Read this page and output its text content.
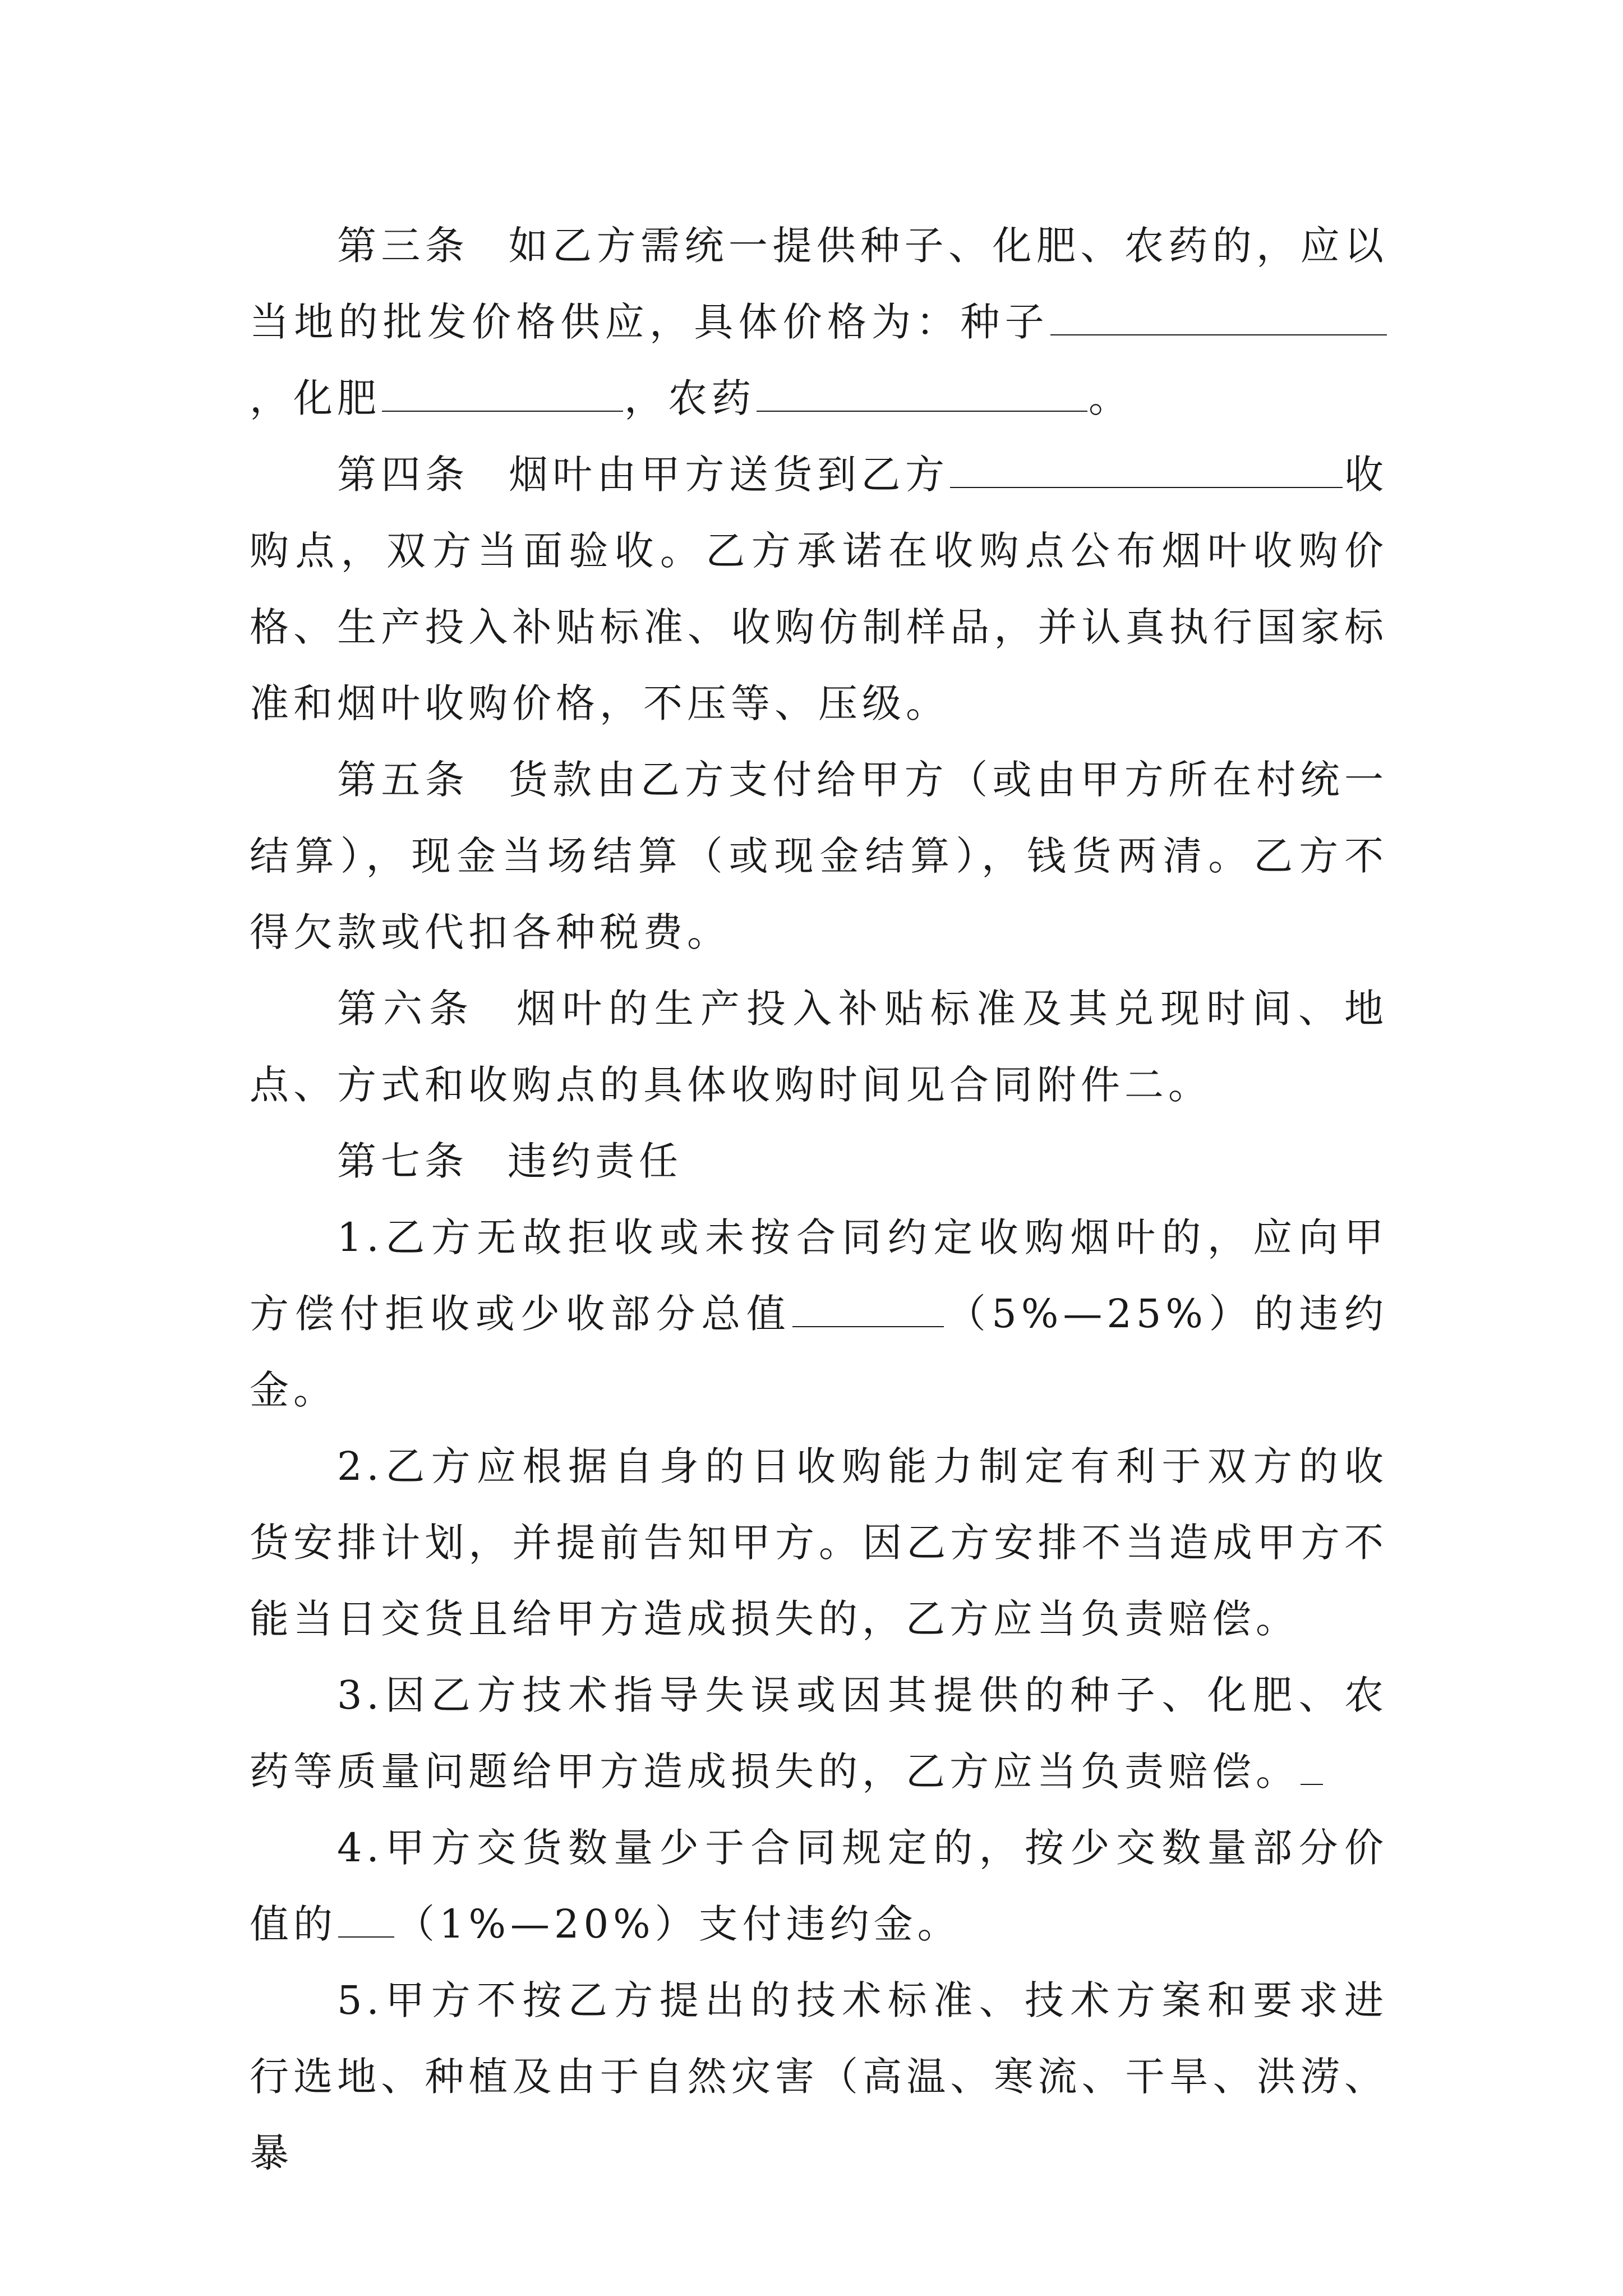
第三条 如乙方需统一提供种子、化肥、农药的，应以当地的批发价格供应，具体价格为：种子，化肥	，农药	。

第四条 烟叶由甲方送货到乙方	收购点，双方当面验收。乙方承诺在收购点公布烟叶收购价格、生产投入补贴标准、收购仿制样品，并认真执行国家标准和烟叶收购价格，不压等、压级。

第五条 货款由乙方支付给甲方（或由甲方所在村统一结算），现金当场结算（或现金结算），钱货两清。乙方不得欠款或代扣各种税费。

第六条 烟叶的生产投入补贴标准及其兑现时间、地点、方式和收购点的具体收购时间见合同附件二。

第七条 违约责任

1.乙方无故拒收或未按合同约定收购烟叶的，应向甲方偿付拒收或少收部分总值	（5%—25%）的违约金。

2.乙方应根据自身的日收购能力制定有利于双方的收货安排计划，并提前告知甲方。因乙方安排不当造成甲方不能当日交货且给甲方造成损失的，乙方应当负责赔偿。

3.因乙方技术指导失误或因其提供的种子、化肥、农药等质量问题给甲方造成损失的，乙方应当负责赔偿。

4.甲方交货数量少于合同规定的，按少交数量部分价值的 （1%—20%）支付违约金。

5.甲方不按乙方提出的技术标准、技术方案和要求进行选地、种植及由于自然灾害（高温、寒流、干旱、洪涝、暴
